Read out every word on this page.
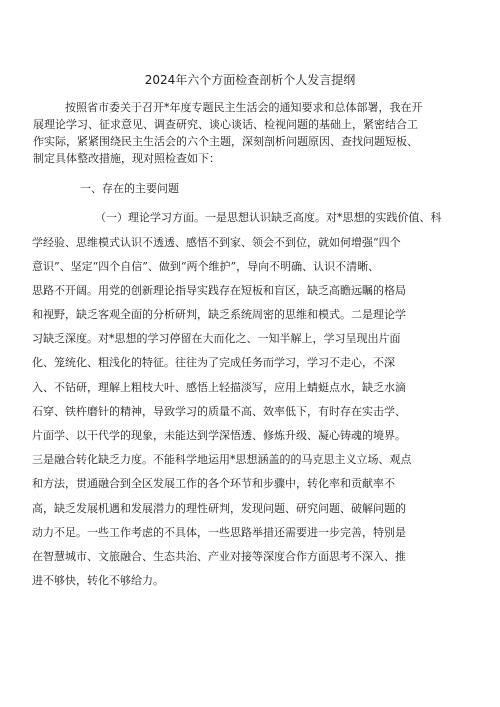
2024年六个方面检查剖析个人发言提纲
按照省市委关于召开*年度专题民主生活会的通知要求和总体部署，我在开
展理论学习、征求意见、调查研究、谈心谈话、检视问题的基础上，紧密结合工
作实际，紧紧围绕民主生活会的六个主题，深刻剖析问题原因、查找问题短板、
制定具体整改措施，现对照检查如下：
一、存在的主要问题
（一）理论学习方面。一是思想认识缺乏高度。对*思想的实践价值、科
学经验、思维模式认识不透透、感悟不到家、领会不到位，就如何增强“四个
意识”、坚定“四个自信”、做到“两个维护”，导向不明确、认识不清晰、
思路不开阔。用党的创新理论指导实践存在短板和盲区，缺乏高瞻远瞩的格局
和视野，缺乏客观全面的分析研判，缺乏系统周密的思维和模式。二是理论学
习缺乏深度。对*思想的学习停留在大而化之、一知半解上，学习呈现出片面
化、笼统化、粗浅化的特征。往往为了完成任务而学习，学习不走心，不深
入、不钻研，理解上粗枝大叶、感悟上轻描淡写，应用上蜻蜓点水，缺乏水滴
石穿、铁杵磨针的精神，导致学习的质量不高、效率低下，有时存在实击学、
片面学、以干代学的现象，未能达到学深悟透、修炼升级、凝心铸魂的境界。
三是融合转化缺乏力度。不能科学地运用*思想涵盖的的马克思主义立场、观点
和方法，贯通融合到全区发展工作的各个环节和步骤中，转化率和贡献率不
高，缺乏发展机遇和发展潜力的理性研判，发现问题、研究问题、破解问题的
动力不足。一些工作考虑的不具体，一些思路举措还需要进一步完善，特别是
在智慧城市、文旅融合、生态共治、产业对接等深度合作方面思考不深入、推
进不够快，转化不够给力。
